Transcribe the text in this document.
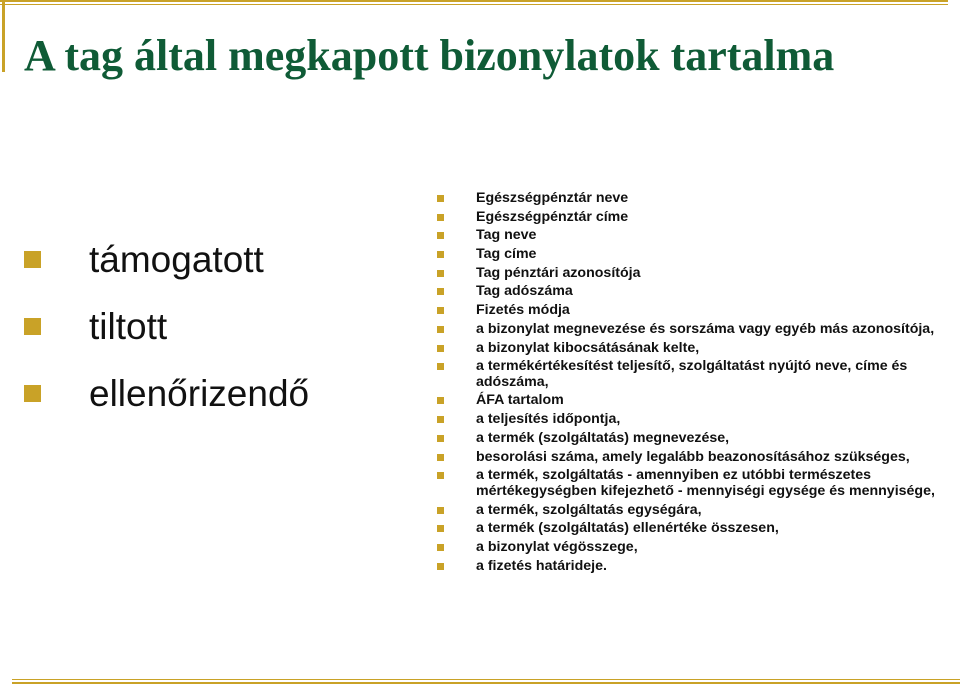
A tag által megkapott bizonylatok tartalma
támogatott
tiltott
ellenőrizendő
Egészségpénztár neve
Egészségpénztár címe
Tag neve
Tag címe
Tag pénztári azonosítója
Tag adószáma
Fizetés módja
a bizonylat megnevezése és sorszáma vagy egyéb más azonosítója,
a bizonylat kibocsátásának kelte,
a termékértékesítést teljesítő, szolgáltatást nyújtó neve, címe és adószáma,
ÁFA tartalom
a teljesítés időpontja,
a termék (szolgáltatás) megnevezése,
besorolási száma, amely legalább beazonosításához szükséges,
a termék, szolgáltatás - amennyiben ez utóbbi természetes mértékegységben kifejezhető - mennyiségi egysége és mennyisége,
a termék, szolgáltatás egységára,
a termék (szolgáltatás) ellenértéke összesen,
a bizonylat végösszege,
a fizetés határideje.
